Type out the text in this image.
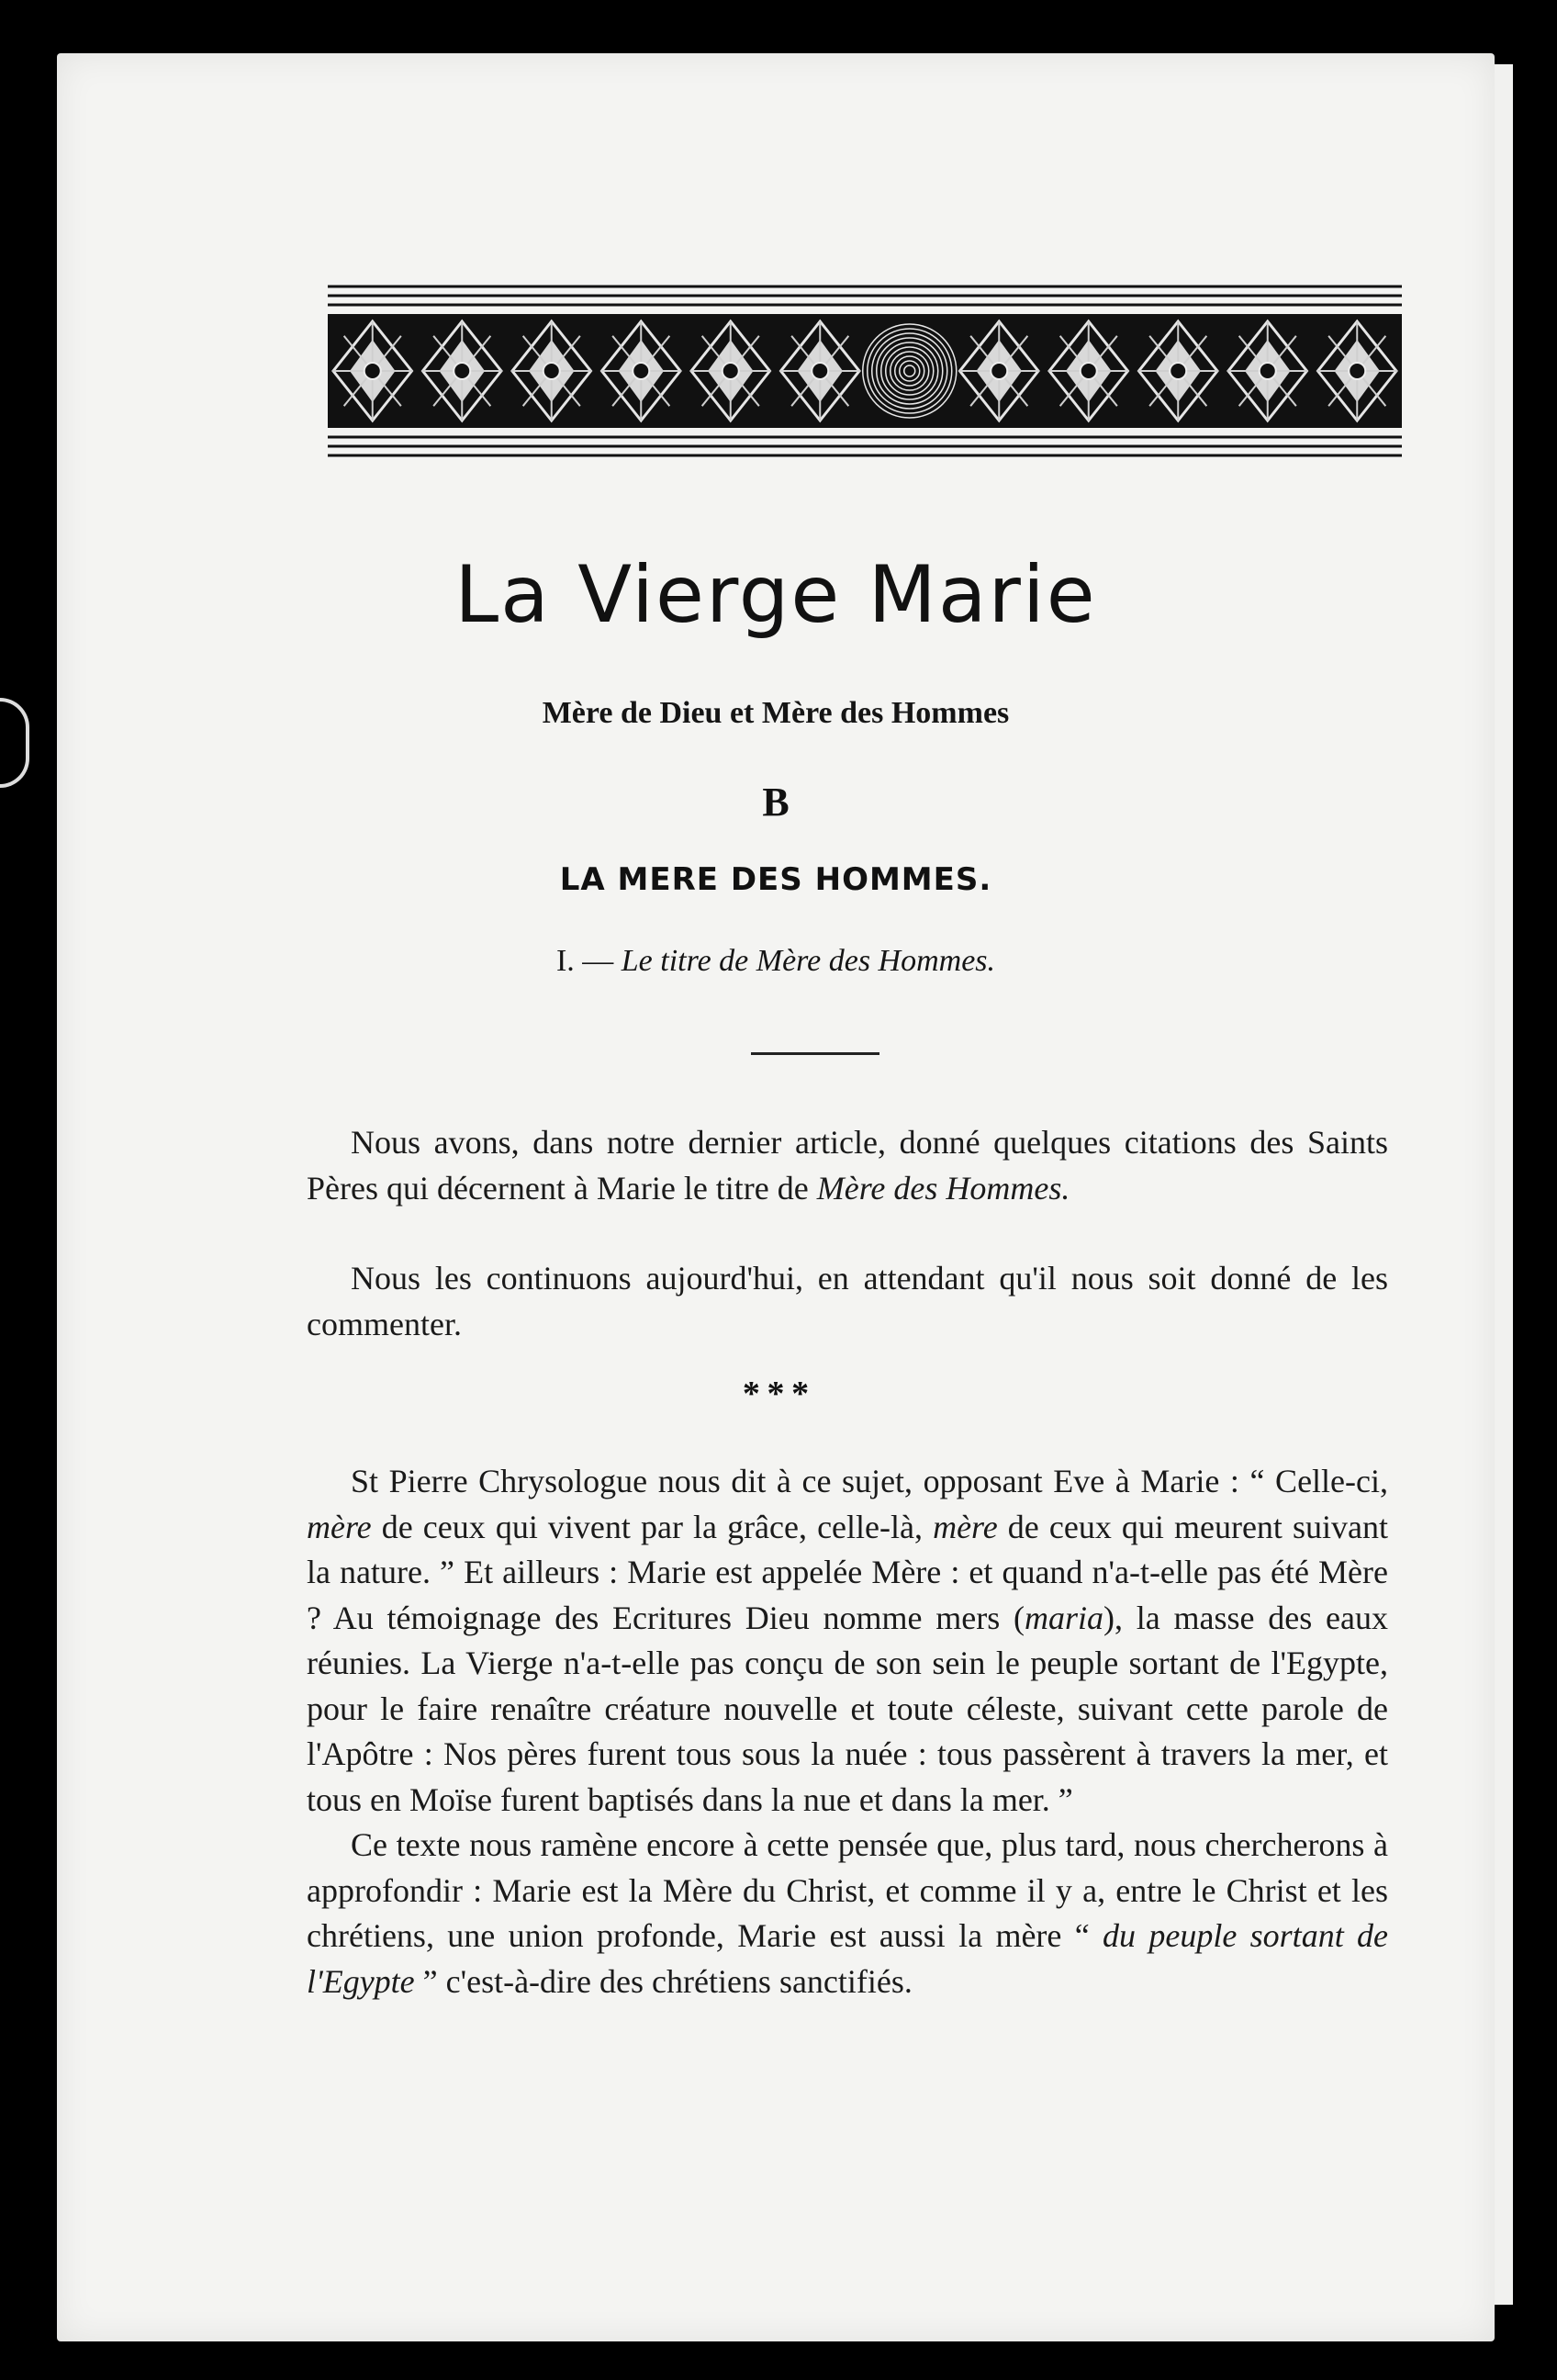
La Vierge Marie
Mère de Dieu et Mère des Hommes
B
LA MERE DES HOMMES.
I. — Le titre de Mère des Hommes.

Nous avons, dans notre dernier article, donné quelques citations des Saints Pères qui décernent à Marie le titre de Mère des Hommes.

Nous les continuons aujourd'hui, en attendant qu'il nous soit donné de les commenter.

* * *

St Pierre Chrysologue nous dit à ce sujet, opposant Eve à Marie : “ Celle-ci, mère de ceux qui vivent par la grâce, celle-là, mère de ceux qui meurent suivant la nature. ” Et ailleurs : Marie est appelée Mère : et quand n'a-t-elle pas été Mère ? Au témoignage des Ecritures Dieu nomme mers (maria), la masse des eaux réunies. La Vierge n'a-t-elle pas conçu de son sein le peuple sortant de l'Egypte, pour le faire renaître créature nouvelle et toute céleste, suivant cette parole de l'Apôtre : Nos pères furent tous sous la nuée : tous passèrent à travers la mer, et tous en Moïse furent baptisés dans la nue et dans la mer. ”

Ce texte nous ramène encore à cette pensée que, plus tard, nous chercherons à approfondir : Marie est la Mère du Christ, et comme il y a, entre le Christ et les chrétiens, une union profonde, Marie est aussi la mère “ du peuple sortant de l'Egypte ” c'est-à-dire des chrétiens sanctifiés.
